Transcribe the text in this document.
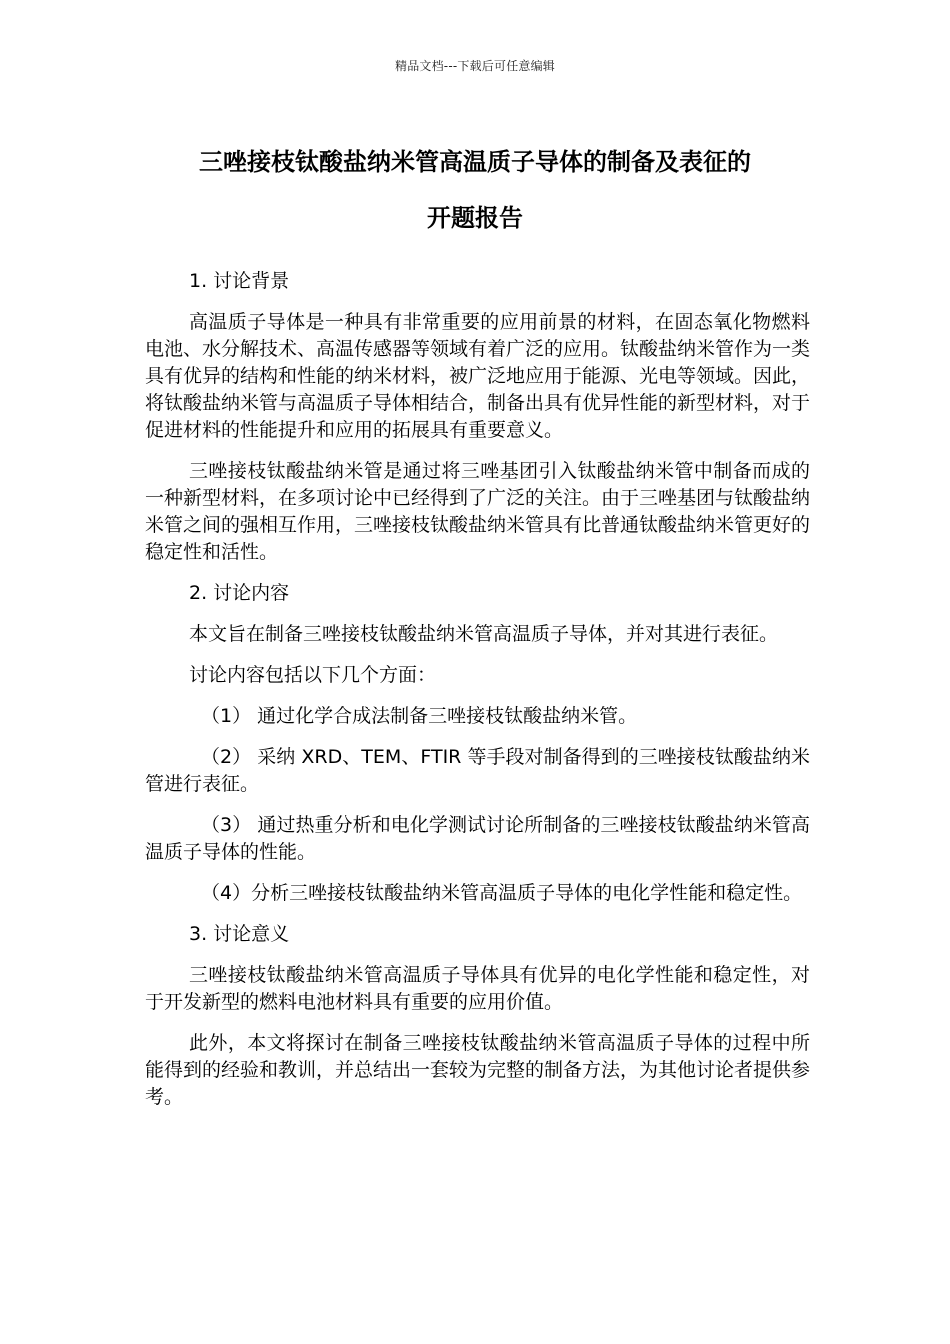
精品文档---下载后可任意编辑
三唑接枝钛酸盐纳米管高温质子导体的制备及表征的
开题报告

1. 讨论背景

高温质子导体是一种具有非常重要的应用前景的材料，在固态氧化物燃料电池、水分解技术、高温传感器等领域有着广泛的应用。钛酸盐纳米管作为一类具有优异的结构和性能的纳米材料，被广泛地应用于能源、光电等领域。因此，将钛酸盐纳米管与高温质子导体相结合，制备出具有优异性能的新型材料，对于促进材料的性能提升和应用的拓展具有重要意义。

三唑接枝钛酸盐纳米管是通过将三唑基团引入钛酸盐纳米管中制备而成的一种新型材料，在多项讨论中已经得到了广泛的关注。由于三唑基团与钛酸盐纳米管之间的强相互作用，三唑接枝钛酸盐纳米管具有比普通钛酸盐纳米管更好的稳定性和活性。

2. 讨论内容

本文旨在制备三唑接枝钛酸盐纳米管高温质子导体，并对其进行表征。

讨论内容包括以下几个方面：

（1） 通过化学合成法制备三唑接枝钛酸盐纳米管。

（2） 采纳 XRD、TEM、FTIR 等手段对制备得到的三唑接枝钛酸盐纳米管进行表征。

（3） 通过热重分析和电化学测试讨论所制备的三唑接枝钛酸盐纳米管高温质子导体的性能。

（4）分析三唑接枝钛酸盐纳米管高温质子导体的电化学性能和稳定性。

3. 讨论意义

三唑接枝钛酸盐纳米管高温质子导体具有优异的电化学性能和稳定性，对于开发新型的燃料电池材料具有重要的应用价值。

此外，本文将探讨在制备三唑接枝钛酸盐纳米管高温质子导体的过程中所能得到的经验和教训，并总结出一套较为完整的制备方法，为其他讨论者提供参考。
